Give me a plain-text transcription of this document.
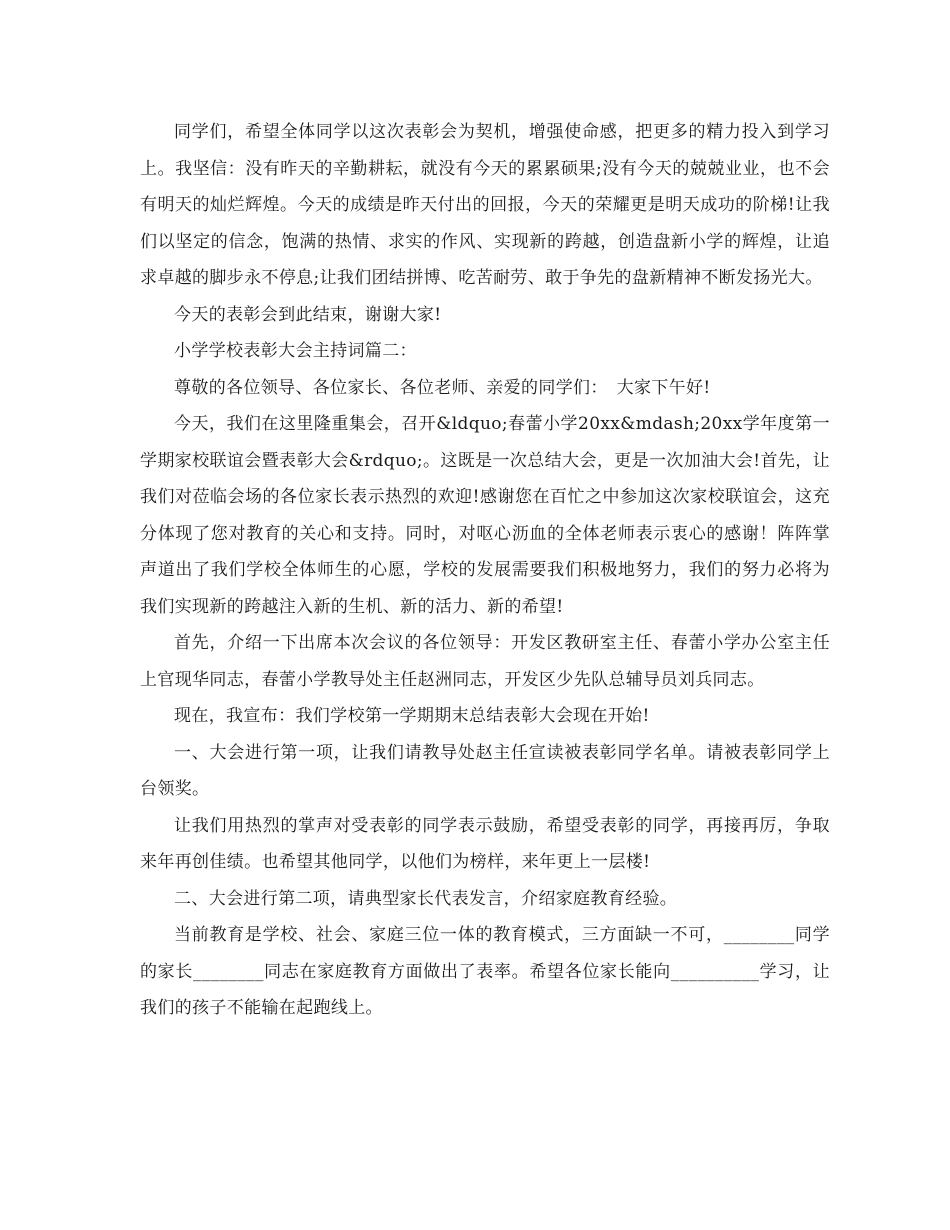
同学们，希望全体同学以这次表彰会为契机，增强使命感，把更多的精力投入到学习上。我坚信：没有昨天的辛勤耕耘，就没有今天的累累硕果;没有今天的兢兢业业，也不会有明天的灿烂辉煌。今天的成绩是昨天付出的回报，今天的荣耀更是明天成功的阶梯!让我们以坚定的信念，饱满的热情、求实的作风、实现新的跨越，创造盘新小学的辉煌，让追求卓越的脚步永不停息;让我们团结拼博、吃苦耐劳、敢于争先的盘新精神不断发扬光大。

今天的表彰会到此结束，谢谢大家!

小学学校表彰大会主持词篇二：

尊敬的各位领导、各位家长、各位老师、亲爱的同学们：　大家下午好!

今天，我们在这里隆重集会，召开&ldquo;春蕾小学20xx&mdash;20xx学年度第一学期家校联谊会暨表彰大会&rdquo;。这既是一次总结大会，更是一次加油大会!首先，让我们对莅临会场的各位家长表示热烈的欢迎!感谢您在百忙之中参加这次家校联谊会，这充分体现了您对教育的关心和支持。同时，对呕心沥血的全体老师表示衷心的感谢！阵阵掌声道出了我们学校全体师生的心愿，学校的发展需要我们积极地努力，我们的努力必将为我们实现新的跨越注入新的生机、新的活力、新的希望!

首先，介绍一下出席本次会议的各位领导：开发区教研室主任、春蕾小学办公室主任上官现华同志，春蕾小学教导处主任赵洲同志，开发区少先队总辅导员刘兵同志。

现在，我宣布：我们学校第一学期期末总结表彰大会现在开始!

一、大会进行第一项，让我们请教导处赵主任宣读被表彰同学名单。请被表彰同学上台领奖。

让我们用热烈的掌声对受表彰的同学表示鼓励，希望受表彰的同学，再接再厉，争取来年再创佳绩。也希望其他同学，以他们为榜样，来年更上一层楼!

二、大会进行第二项，请典型家长代表发言，介绍家庭教育经验。

当前教育是学校、社会、家庭三位一体的教育模式，三方面缺一不可，________同学的家长________同志在家庭教育方面做出了表率。希望各位家长能向__________学习，让我们的孩子不能输在起跑线上。
